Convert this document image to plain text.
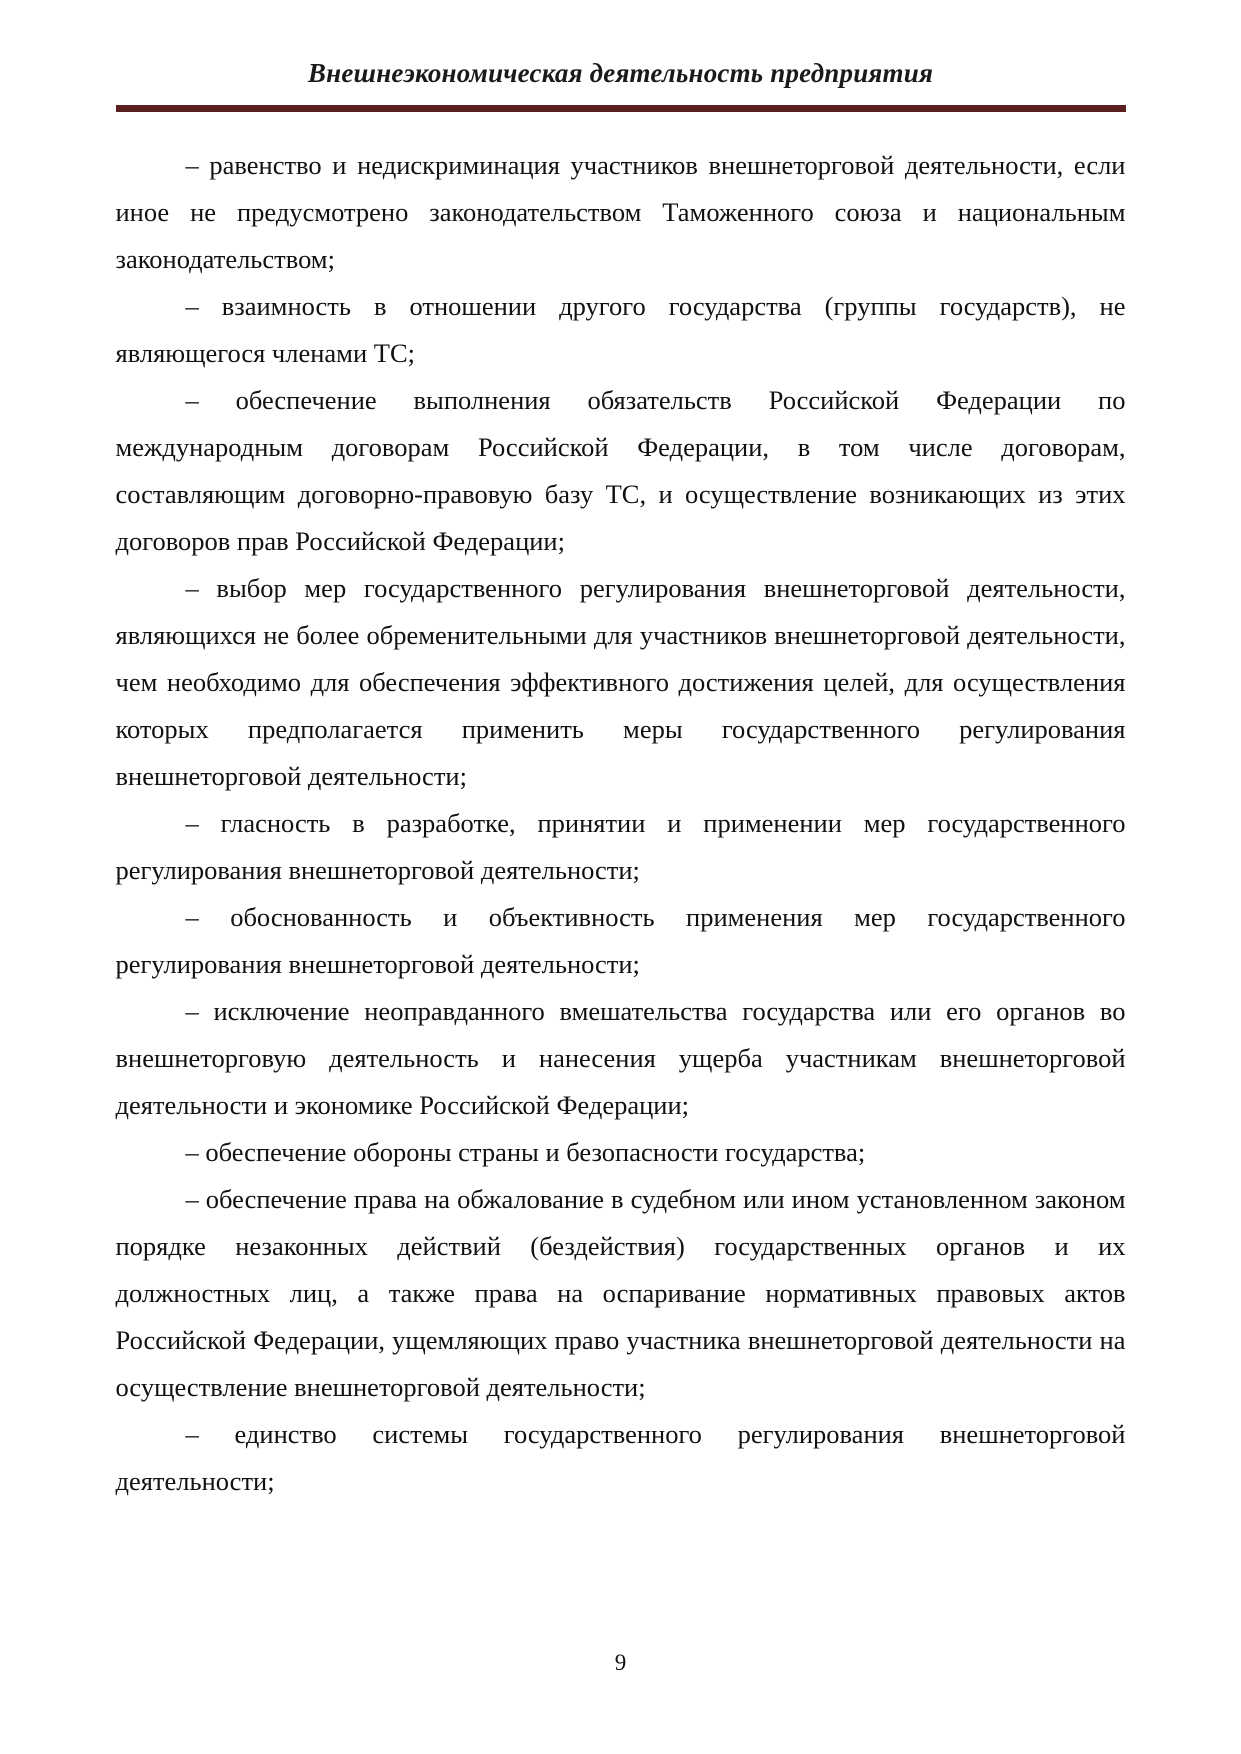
Внешнеэкономическая деятельность предприятия

– равенство и недискриминация участников внешнеторговой деятельности, если иное не предусмотрено законодательством Таможенного союза и национальным законодательством;

– взаимность в отношении другого государства (группы государств), не являющегося членами ТС;

– обеспечение выполнения обязательств Российской Федерации по международным договорам Российской Федерации, в том числе договорам, составляющим договорно-правовую базу ТС, и осуществление возникающих из этих договоров прав Российской Федерации;

– выбор мер государственного регулирования внешнеторговой деятельности, являющихся не более обременительными для участников внешнеторговой деятельности, чем необходимо для обеспечения эффективного достижения целей, для осуществления которых предполагается применить меры государственного регулирования внешнеторговой деятельности;

– гласность в разработке, принятии и применении мер государственного регулирования внешнеторговой деятельности;

– обоснованность и объективность применения мер государственного регулирования внешнеторговой деятельности;

– исключение неоправданного вмешательства государства или его органов во внешнеторговую деятельность и нанесения ущерба участникам внешнеторговой деятельности и экономике Российской Федерации;

– обеспечение обороны страны и безопасности государства;

– обеспечение права на обжалование в судебном или ином установленном законом порядке незаконных действий (бездействия) государственных органов и их должностных лиц, а также права на оспаривание нормативных правовых актов Российской Федерации, ущемляющих право участника внешнеторговой деятельности на осуществление внешнеторговой деятельности;

– единство системы государственного регулирования внешнеторговой деятельности;

9
